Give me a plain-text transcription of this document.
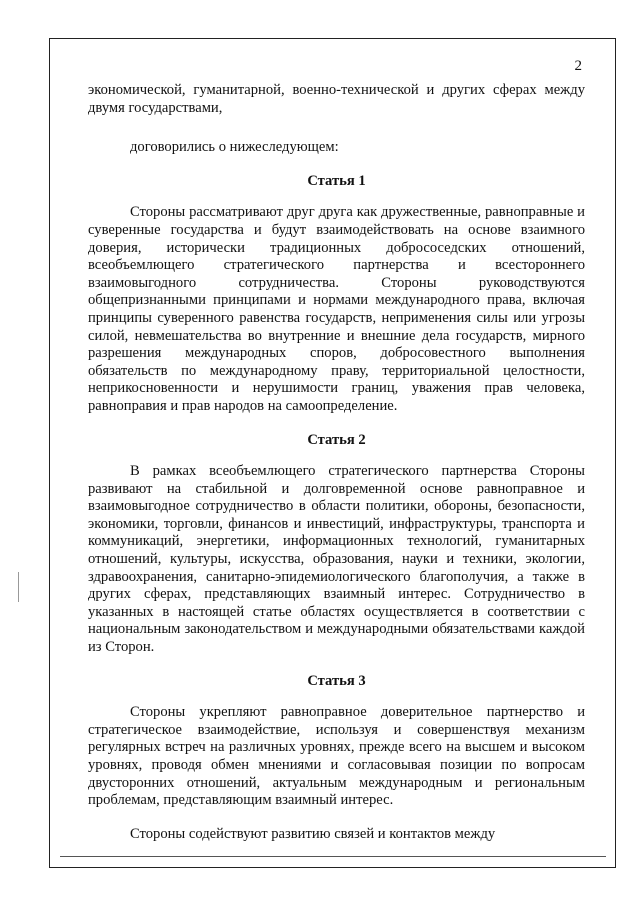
2

экономической, гуманитарной, военно-технической и других сферах между двумя государствами,

договорились о нижеследующем:

Статья 1

Стороны рассматривают друг друга как дружественные, равноправные и суверенные государства и будут взаимодействовать на основе взаимного доверия, исторически традиционных добрососедских отношений, всеобъемлющего стратегического партнерства и всестороннего взаимовыгодного сотрудничества. Стороны руководствуются общепризнанными принципами и нормами международного права, включая принципы суверенного равенства государств, неприменения силы или угрозы силой, невмешательства во внутренние и внешние дела государств, мирного разрешения международных споров, добросовестного выполнения обязательств по международному праву, территориальной целостности, неприкосновенности и нерушимости границ, уважения прав человека, равноправия и прав народов на самоопределение.

Статья 2

В рамках всеобъемлющего стратегического партнерства Стороны развивают на стабильной и долговременной основе равноправное и взаимовыгодное сотрудничество в области политики, обороны, безопасности, экономики, торговли, финансов и инвестиций, инфраструктуры, транспорта и коммуникаций, энергетики, информационных технологий, гуманитарных отношений, культуры, искусства, образования, науки и техники, экологии, здравоохранения, санитарно-эпидемиологического благополучия, а также в других сферах, представляющих взаимный интерес. Сотрудничество в указанных в настоящей статье областях осуществляется в соответствии с национальным законодательством и международными обязательствами каждой из Сторон.

Статья 3

Стороны укрепляют равноправное доверительное партнерство и стратегическое взаимодействие, используя и совершенствуя механизм регулярных встреч на различных уровнях, прежде всего на высшем и высоком уровнях, проводя обмен мнениями и согласовывая позиции по вопросам двусторонних отношений, актуальным международным и региональным проблемам, представляющим взаимный интерес.

Стороны содействуют развитию связей и контактов между
